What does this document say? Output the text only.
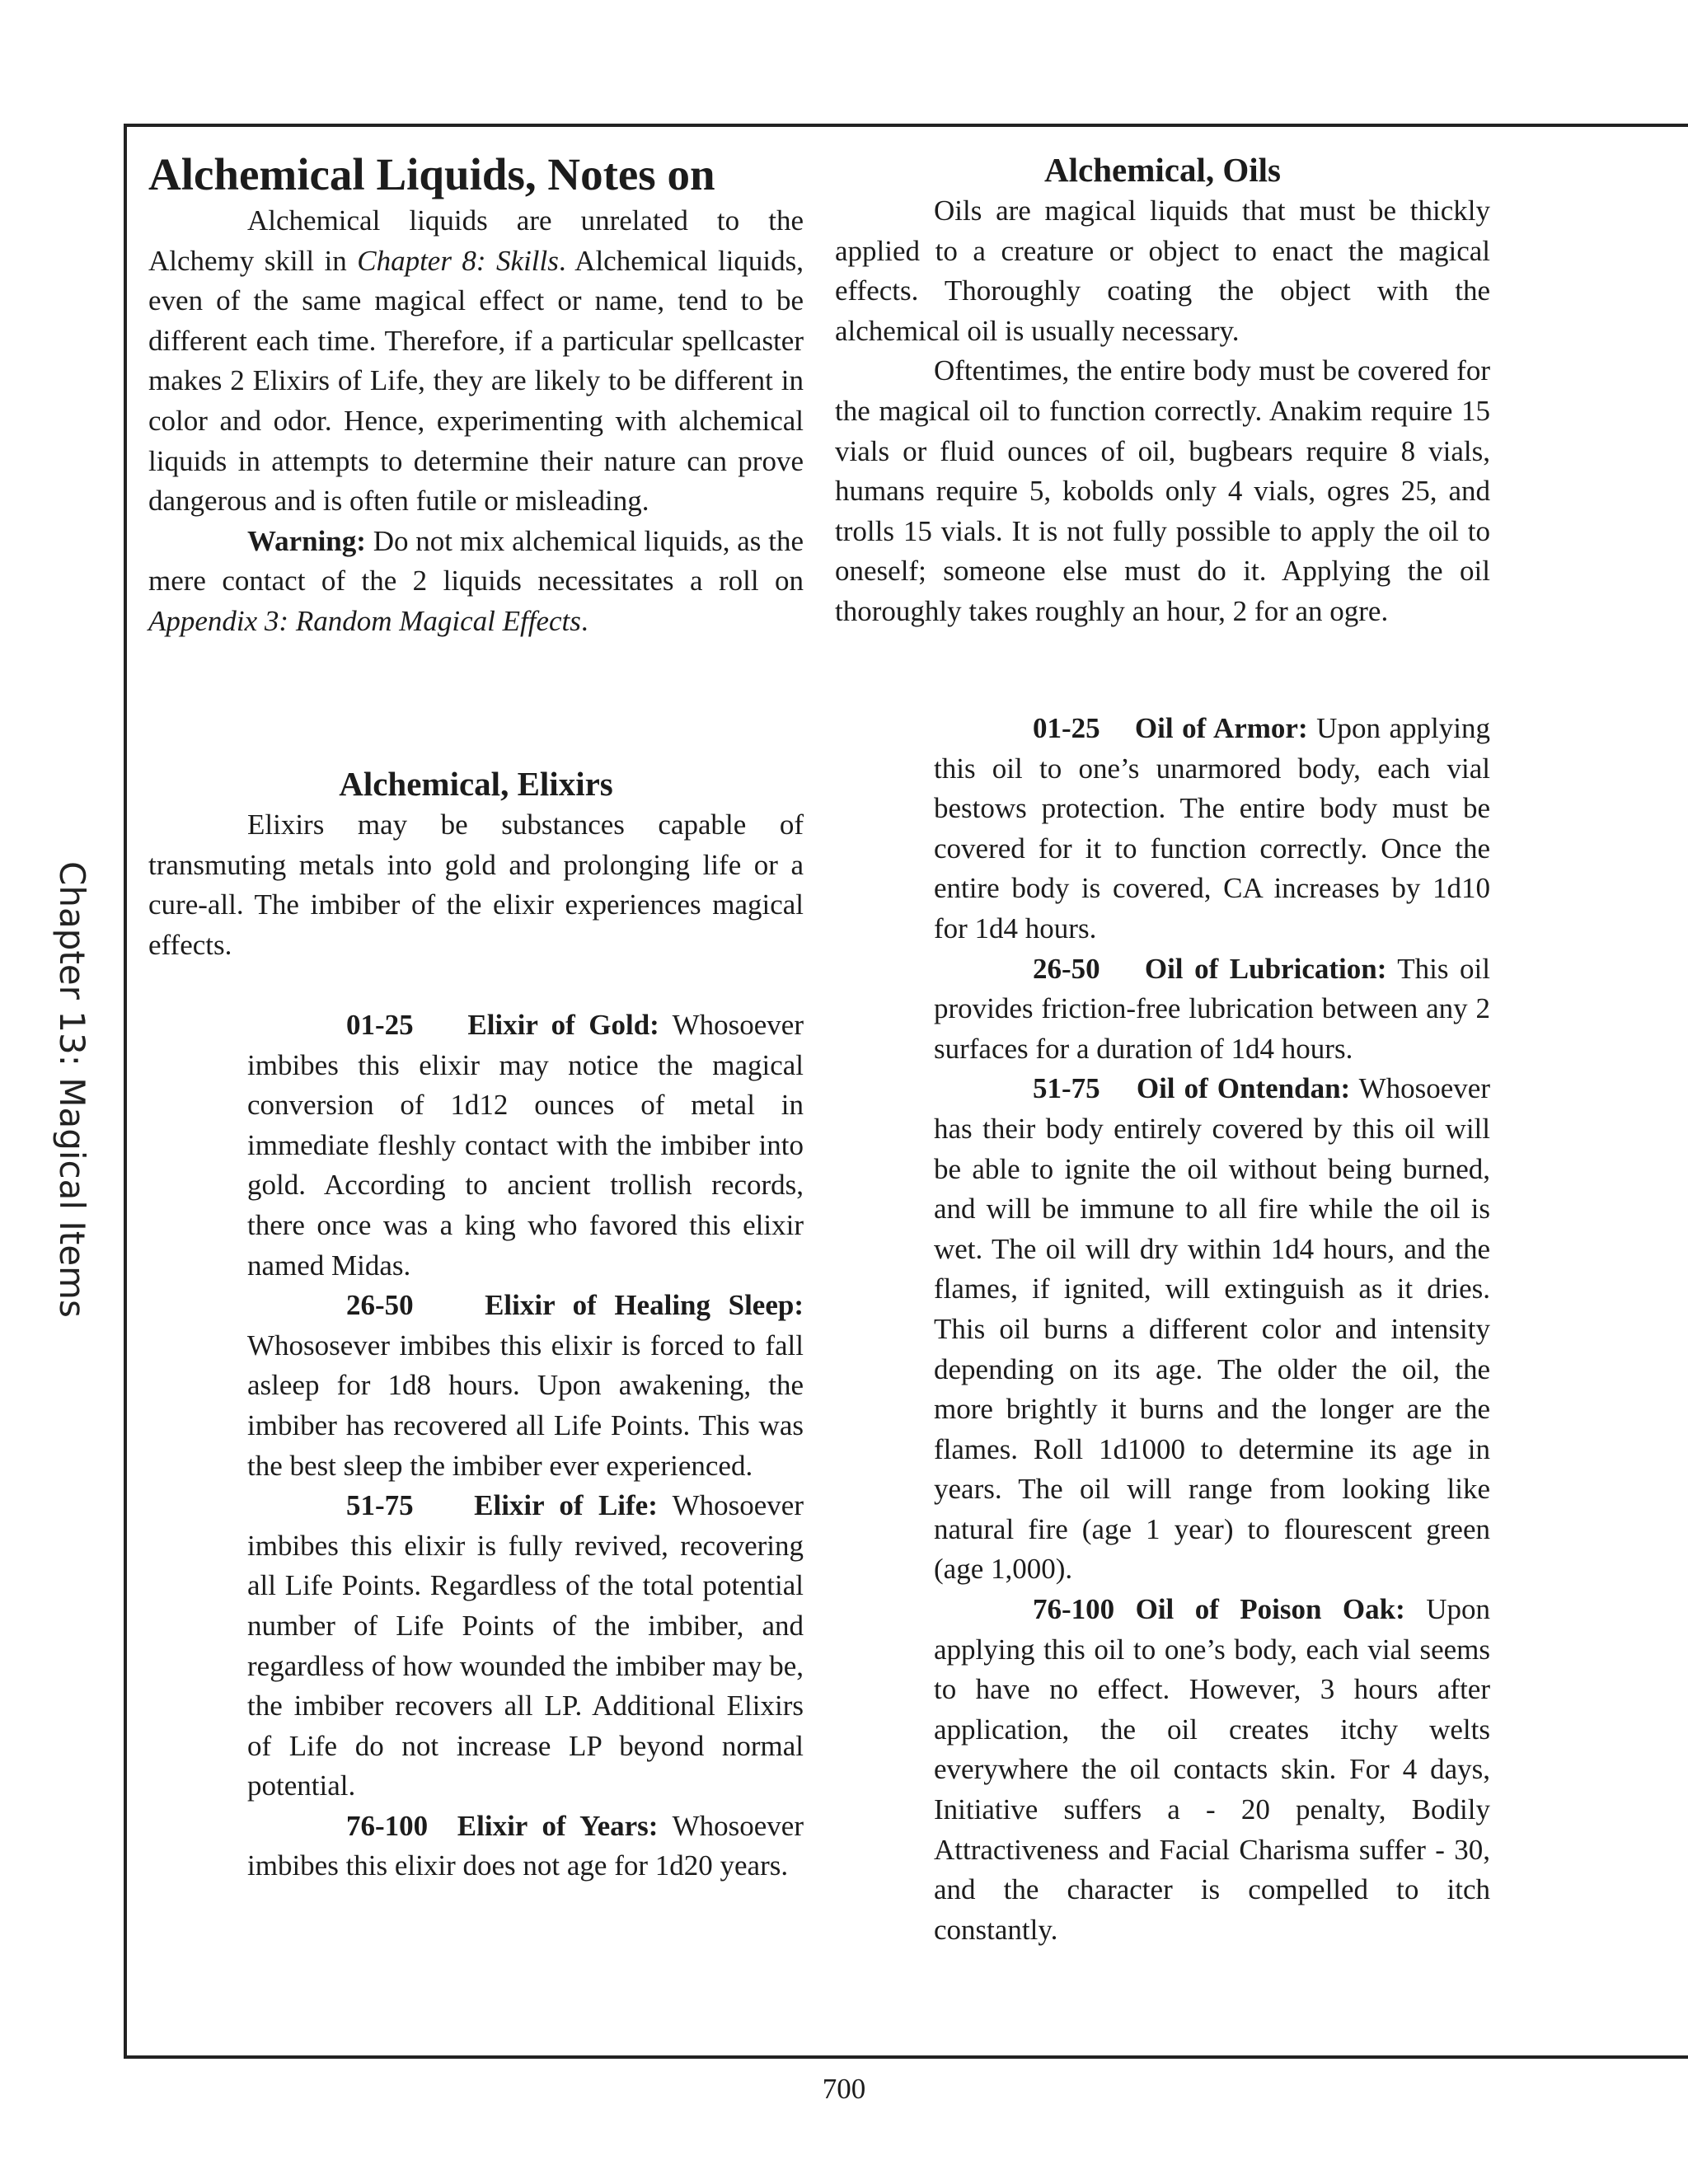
Chapter 13: Magical Items
Alchemical Liquids, Notes on

Alchemical liquids are unrelated to the Alchemy skill in Chapter 8: Skills. Alchemical liquids, even of the same magical effect or name, tend to be different each time. Therefore, if a particular spellcaster makes 2 Elixirs of Life, they are likely to be different in color and odor. Hence, experimenting with alchemical liquids in attempts to determine their nature can prove dangerous and is often futile or misleading.

Warning: Do not mix alchemical liquids, as the mere contact of the 2 liquids necessitates a roll on Appendix 3: Random Magical Effects.

Alchemical, Elixirs

Elixirs may be substances capable of transmuting metals into gold and prolonging life or a cure-all. The imbiber of the elixir experiences magical effects.

01-25 Elixir of Gold: Whosoever imbibes this elixir may notice the magical conversion of 1d12 ounces of metal in immediate fleshly contact with the imbiber into gold. According to ancient trollish records, there once was a king who favored this elixir named Midas.

26-50 Elixir of Healing Sleep: Whososever imbibes this elixir is forced to fall asleep for 1d8 hours. Upon awakening, the imbiber has recovered all Life Points. This was the best sleep the imbiber ever experienced.

51-75 Elixir of Life: Whosoever imbibes this elixir is fully revived, recovering all Life Points. Regardless of the total potential number of Life Points of the imbiber, and regardless of how wounded the imbiber may be, the imbiber recovers all LP. Additional Elixirs of Life do not increase LP beyond normal potential.

76-100 Elixir of Years: Whosoever imbibes this elixir does not age for 1d20 years.

Alchemical, Oils

Oils are magical liquids that must be thickly applied to a creature or object to enact the magical effects. Thoroughly coating the object with the alchemical oil is usually necessary.

Oftentimes, the entire body must be covered for the magical oil to function correctly. Anakim require 15 vials or fluid ounces of oil, bugbears require 8 vials, humans require 5, kobolds only 4 vials, ogres 25, and trolls 15 vials. It is not fully possible to apply the oil to oneself; someone else must do it. Applying the oil thoroughly takes roughly an hour, 2 for an ogre.

01-25 Oil of Armor: Upon applying this oil to one’s unarmored body, each vial bestows protection. The entire body must be covered for it to function correctly. Once the entire body is covered, CA increases by 1d10 for 1d4 hours.

26-50 Oil of Lubrication: This oil provides friction-free lubrication between any 2 surfaces for a duration of 1d4 hours.

51-75 Oil of Ontendan: Whosoever has their body entirely covered by this oil will be able to ignite the oil without being burned, and will be immune to all fire while the oil is wet. The oil will dry within 1d4 hours, and the flames, if ignited, will extinguish as it dries. This oil burns a different color and intensity depending on its age. The older the oil, the more brightly it burns and the longer are the flames. Roll 1d1000 to determine its age in years. The oil will range from looking like natural fire (age 1 year) to flourescent green (age 1,000).

76-100 Oil of Poison Oak: Upon applying this oil to one’s body, each vial seems to have no effect. However, 3 hours after application, the oil creates itchy welts everywhere the oil contacts skin. For 4 days, Initiative suffers a - 20 penalty, Bodily Attractiveness and Facial Charisma suffer - 30, and the character is compelled to itch constantly.

700
